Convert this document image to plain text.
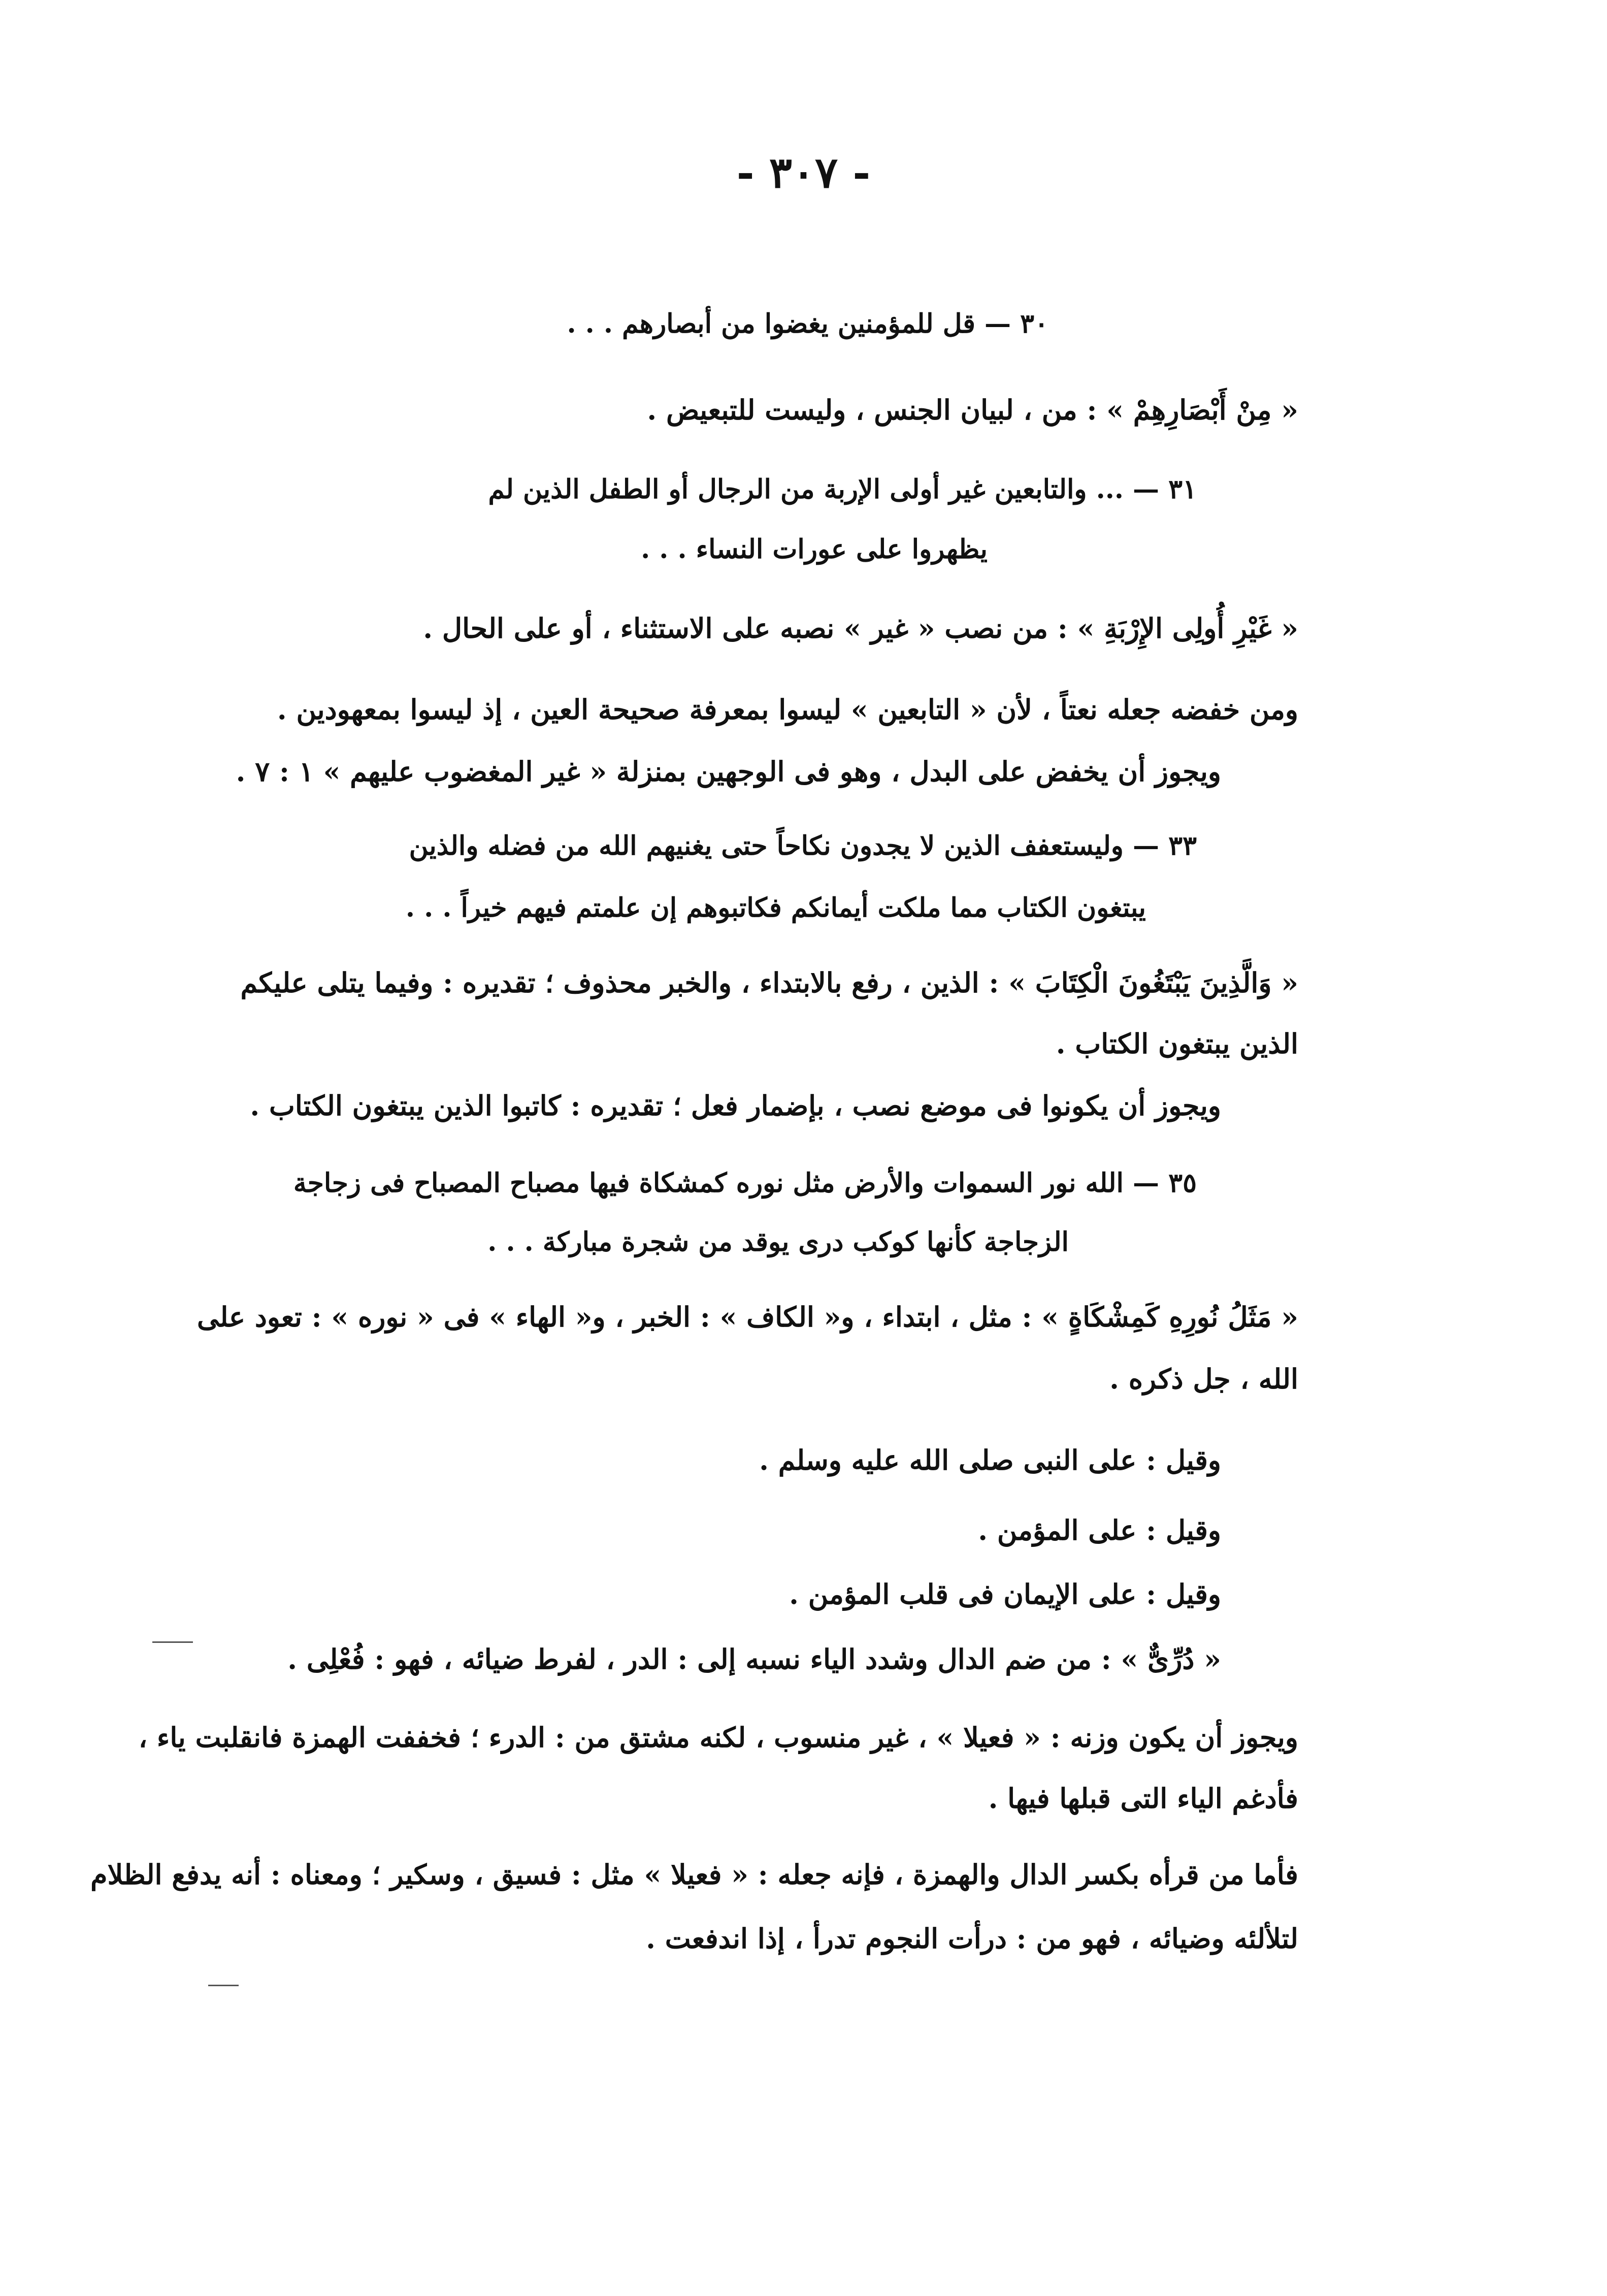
- ٣٠٧ -
٣٠ — قل للمؤمنين يغضوا من أبصارهم . . .
« مِنْ أَبْصَارِهِمْ » : من ، لبيان الجنس ، وليست للتبعيض .
٣١ — ... والتابعين غير أولى الإربة من الرجال أو الطفل الذين لم
يظهروا على عورات النساء . . .
« غَيْرِ أُولِى الإِرْبَةِ » : من نصب « غير » نصبه على الاستثناء ، أو على الحال .
ومن خفضه جعله نعتاً ، لأن « التابعين » ليسوا بمعرفة صحيحة العين ، إذ ليسوا بمعهودين .
ويجوز أن يخفض على البدل ، وهو فى الوجهين بمنزلة « غير المغضوب عليهم » ١ : ٧ .
٣٣ — وليستعفف الذين لا يجدون نكاحاً حتى يغنيهم الله من فضله والذين
يبتغون الكتاب مما ملكت أيمانكم فكاتبوهم إن علمتم فيهم خيراً . . .
« وَالَّذِينَ يَبْتَغُونَ الْكِتَابَ » : الذين ، رفع بالابتداء ، والخبر محذوف ؛ تقديره : وفيما يتلى عليكم
الذين يبتغون الكتاب .
ويجوز أن يكونوا فى موضع نصب ، بإضمار فعل ؛ تقديره : كاتبوا الذين يبتغون الكتاب .
٣٥ — الله نور السموات والأرض مثل نوره كمشكاة فيها مصباح المصباح فى زجاجة
الزجاجة كأنها كوكب درى يوقد من شجرة مباركة . . .
« مَثَلُ نُورِهِ كَمِشْكَاةٍ » : مثل ، ابتداء ، و« الكاف » : الخبر ، و« الهاء » فى « نوره » : تعود على
الله ، جل ذكره .
وقيل : على النبى صلى الله عليه وسلم .
وقيل : على المؤمن .
وقيل : على الإيمان فى قلب المؤمن .
« دُرِّىٌّ » : من ضم الدال وشدد الياء نسبه إلى : الدر ، لفرط ضيائه ، فهو : فُعْلِى .
ويجوز أن يكون وزنه : « فعيلا » ، غير منسوب ، لكنه مشتق من : الدرء ؛ فخففت الهمزة فانقلبت ياء ،
فأدغم الياء التى قبلها فيها .
فأما من قرأه بكسر الدال والهمزة ، فإنه جعله : « فعيلا » مثل : فسيق ، وسكير ؛ ومعناه : أنه يدفع الظلام
لتلألئه وضيائه ، فهو من : درأت النجوم تدرأ ، إذا اندفعت .
